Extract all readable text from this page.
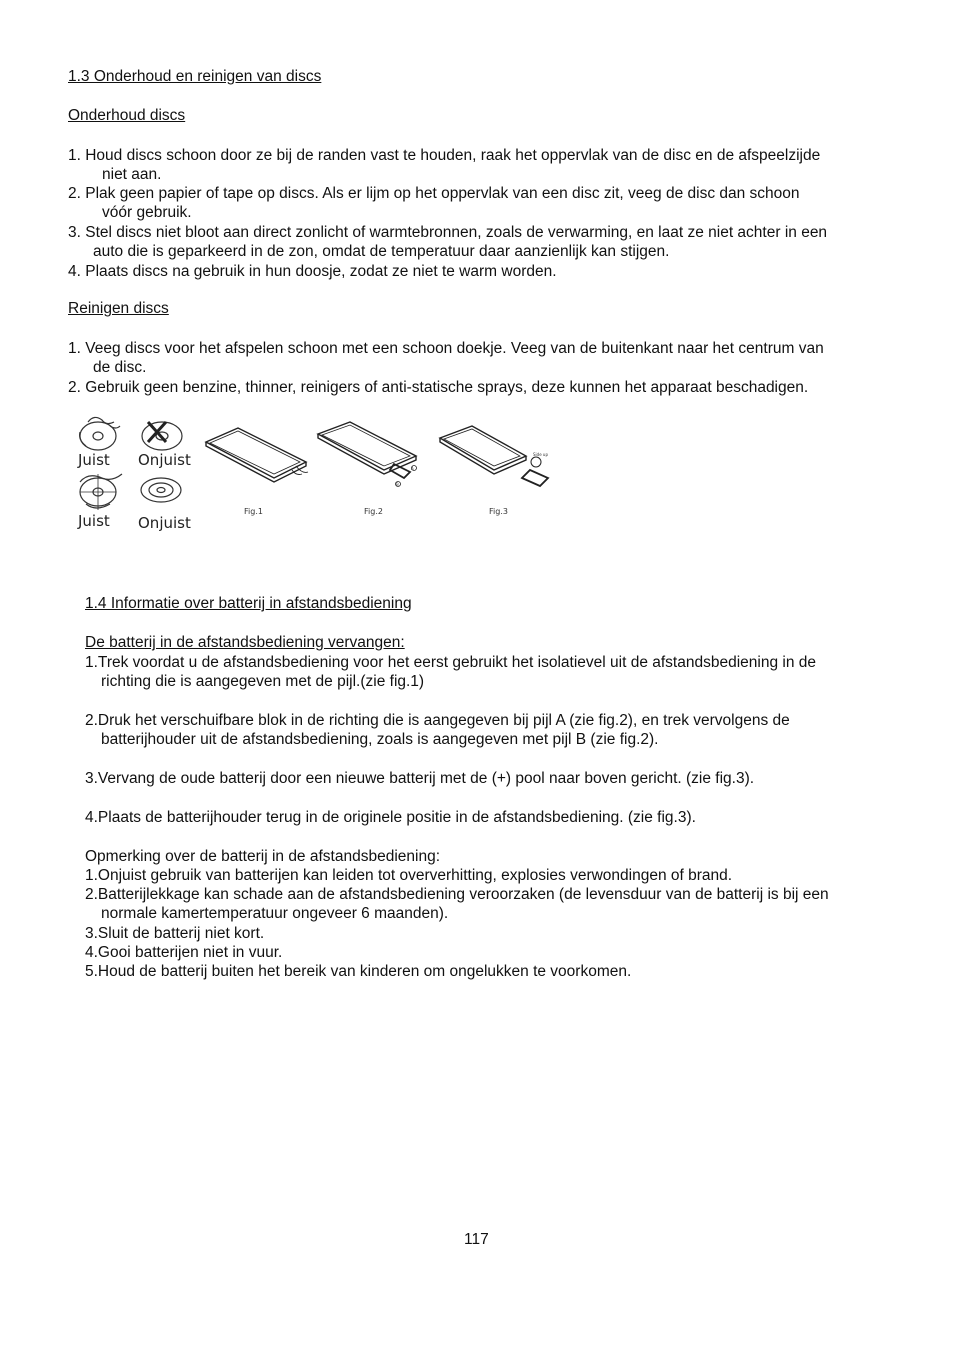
1.3 Onderhoud en reinigen van discs
Onderhoud discs
1. Houd discs schoon door ze bij de randen vast te houden, raak het oppervlak van de disc en de afspeelzijde
niet aan.
2. Plak geen papier of tape op discs. Als er lijm op het oppervlak van een disc zit, veeg de disc dan schoon
vóór gebruik.
3. Stel discs niet bloot aan direct zonlicht of warmtebronnen, zoals de verwarming, en laat ze niet achter in een
auto die is geparkeerd in de zon, omdat de temperatuur daar aanzienlijk kan stijgen.
4. Plaats discs na gebruik in hun doosje, zodat ze niet te warm worden.
Reinigen discs
1. Veeg discs voor het afspelen schoon met een schoon doekje. Veeg van de buitenkant naar het centrum van
de disc.
2. Gebruik geen benzine, thinner, reinigers of anti-statische sprays, deze kunnen het apparaat beschadigen.
Juist Onjuist
Juist Onjuist
Fig.1
A
B
Fig.2
Side up
Fig.3
1.4 Informatie over batterij in afstandsbediening
De batterij in de afstandsbediening vervangen:
1.Trek voordat u de afstandsbediening voor het eerst gebruikt het isolatievel uit de afstandsbediening in de
richting die is aangegeven met de pijl.(zie fig.1)
2.Druk het verschuifbare blok in de richting die is aangegeven bij pijl A (zie fig.2), en trek vervolgens de
batterijhouder uit de afstandsbediening, zoals is aangegeven met pijl B (zie fig.2).
3.Vervang de oude batterij door een nieuwe batterij met de (+) pool naar boven gericht. (zie fig.3).
4.Plaats de batterijhouder terug in de originele positie in de afstandsbediening. (zie fig.3).
Opmerking over de batterij in de afstandsbediening:
1.Onjuist gebruik van batterijen kan leiden tot oververhitting, explosies verwondingen of brand.
2.Batterijlekkage kan schade aan de afstandsbediening veroorzaken (de levensduur van de batterij is bij een
normale kamertemperatuur ongeveer 6 maanden).
3.Sluit de batterij niet kort.
4.Gooi batterijen niet in vuur.
5.Houd de batterij buiten het bereik van kinderen om ongelukken te voorkomen.
117
